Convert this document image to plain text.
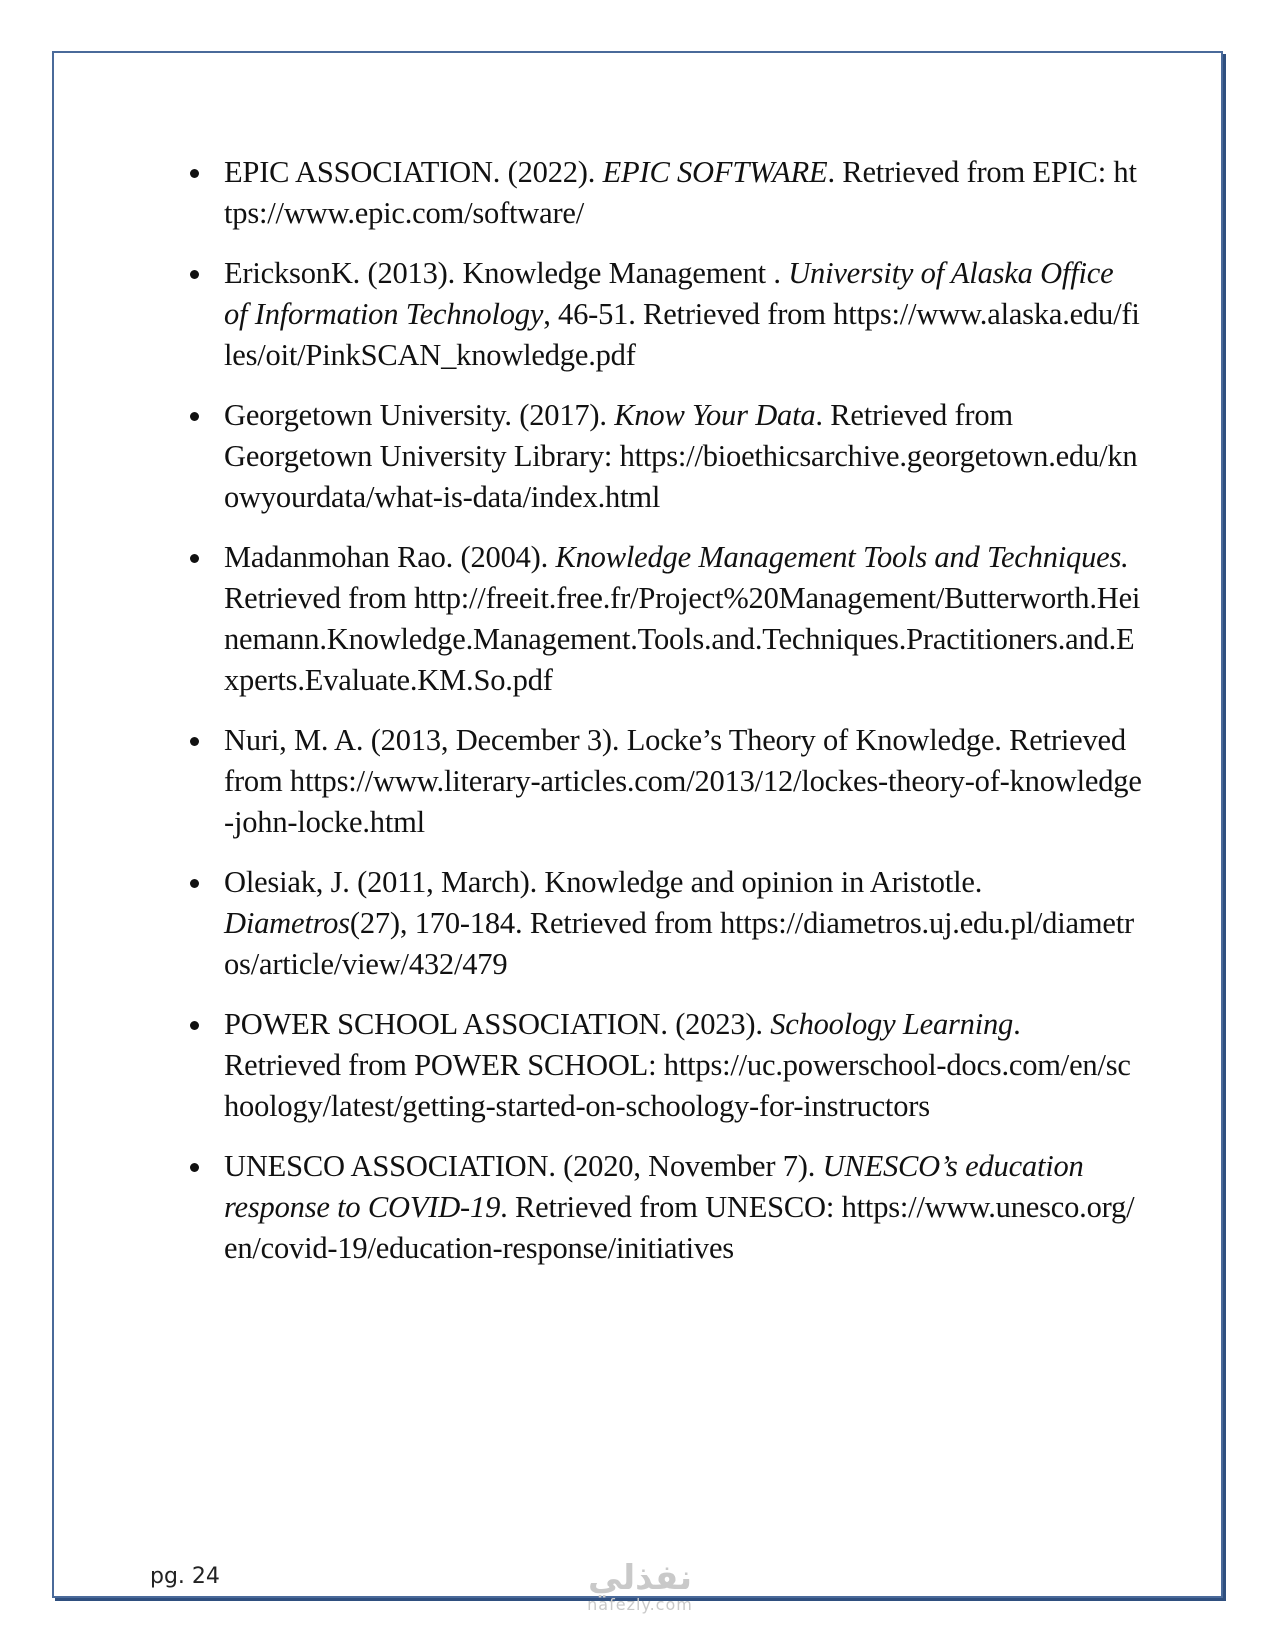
EPIC ASSOCIATION. (2022). EPIC SOFTWARE. Retrieved from EPIC: https://www.epic.com/software/
EricksonK. (2013). Knowledge Management . University of Alaska Office of Information Technology, 46-51. Retrieved from https://www.alaska.edu/files/oit/PinkSCAN_knowledge.pdf
Georgetown University. (2017). Know Your Data. Retrieved from Georgetown University Library: https://bioethicsarchive.georgetown.edu/knowyourdata/what-is-data/index.html
Madanmohan Rao. (2004). Knowledge Management Tools and Techniques. Retrieved from http://freeit.free.fr/Project%20Management/Butterworth.Heinemann.Knowledge.Management.Tools.and.Techniques.Practitioners.and.Experts.Evaluate.KM.So.pdf
Nuri, M. A. (2013, December 3). Locke’s Theory of Knowledge. Retrieved from https://www.literary-articles.com/2013/12/lockes-theory-of-knowledge-john-locke.html
Olesiak, J. (2011, March). Knowledge and opinion in Aristotle. Diametros(27), 170-184. Retrieved from https://diametros.uj.edu.pl/diametros/article/view/432/479
POWER SCHOOL ASSOCIATION. (2023). Schoology Learning. Retrieved from POWER SCHOOL: https://uc.powerschool-docs.com/en/schoology/latest/getting-started-on-schoology-for-instructors
UNESCO ASSOCIATION. (2020, November 7). UNESCO’s education response to COVID-19. Retrieved from UNESCO: https://www.unesco.org/en/covid-19/education-response/initiatives
pg. 24	نفذلي
nafezly.com
